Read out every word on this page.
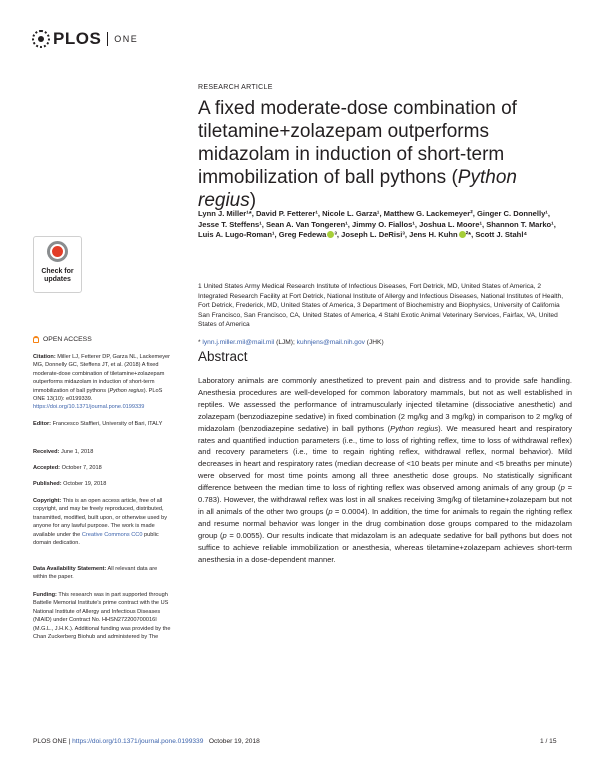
PLOS ONE
Check for
updates
OPEN ACCESS
Citation: Miller LJ, Fetterer DP, Garza NL, Lackemeyer MG, Donnelly GC, Steffens JT, et al. (2018) A fixed moderate-dose combination of tiletamine+zolazepam outperforms midazolam in induction of short-term immobilization of ball pythons (Python regius). PLoS ONE 13(10): e0199339. https://doi.org/10.1371/journal.pone.0199339
Editor: Francesco Staffieri, University of Bari, ITALY
Received: June 1, 2018
Accepted: October 7, 2018
Published: October 19, 2018
Copyright: This is an open access article, free of all copyright, and may be freely reproduced, distributed, transmitted, modified, built upon, or otherwise used by anyone for any lawful purpose. The work is made available under the Creative Commons CC0 public domain dedication.
Data Availability Statement: All relevant data are within the paper.
Funding: This research was in part supported through Battelle Memorial Institute's prime contract with the US National Institute of Allergy and Infectious Diseases (NIAID) under Contract No. HHSN272200700016I (M.G.L., J.H.K.). Additional funding was provided by the Chan Zuckerberg Biohub and administered by The
RESEARCH ARTICLE
A fixed moderate-dose combination of tiletamine+zolazepam outperforms midazolam in induction of short-term immobilization of ball pythons (Python regius)
Lynn J. Miller¹*, David P. Fetterer¹, Nicole L. Garza¹, Matthew G. Lackemeyer², Ginger C. Donnelly¹, Jesse T. Steffens¹, Sean A. Van Tongeren¹, Jimmy O. Fiallos¹, Joshua L. Moore¹, Shannon T. Marko¹, Luis A. Lugo-Roman¹, Greg Fedewa ³, Joseph L. DeRisi³, Jens H. Kuhn ²*, Scott J. Stahl⁴
1 United States Army Medical Research Institute of Infectious Diseases, Fort Detrick, MD, United States of America, 2 Integrated Research Facility at Fort Detrick, National Institute of Allergy and Infectious Diseases, National Institutes of Health, Fort Detrick, Frederick, MD, United States of America, 3 Department of Biochemistry and Biophysics, University of California San Francisco, San Francisco, CA, United States of America, 4 Stahl Exotic Animal Veterinary Services, Fairfax, VA, United States of America
* lynn.j.miller.mil@mail.mil (LJM); kuhnjens@mail.nih.gov (JHK)
Abstract
Laboratory animals are commonly anesthetized to prevent pain and distress and to provide safe handling. Anesthesia procedures are well-developed for common laboratory mammals, but not as well established in reptiles. We assessed the performance of intramuscularly injected tiletamine (dissociative anesthetic) and zolazepam (benzodiazepine sedative) in fixed combination (2 mg/kg and 3 mg/kg) in comparison to 2 mg/kg of midazolam (benzodiazepine sedative) in ball pythons (Python regius). We measured heart and respiratory rates and quantified induction parameters (i.e., time to loss of righting reflex, time to loss of withdrawal reflex) and recovery parameters (i.e., time to regain righting reflex, withdrawal reflex, normal behavior). Mild decreases in heart and respiratory rates (median decrease of <10 beats per minute and <5 breaths per minute) were observed for most time points among all three anesthetic dose groups. No statistically significant difference between the median time to loss of righting reflex was observed among animals of any group (p = 0.783). However, the withdrawal reflex was lost in all snakes receiving 3mg/kg of tiletamine+zolazepam but not in all animals of the other two groups (p = 0.0004). In addition, the time for animals to regain the righting reflex and resume normal behavior was longer in the drug combination dose groups compared to the midazolam group (p = 0.0055). Our results indicate that midazolam is an adequate sedative for ball pythons but does not suffice to achieve reliable immobilization or anesthesia, whereas tiletamine+zolazepam achieves short-term anesthesia in a dose-dependent manner.
PLOS ONE | https://doi.org/10.1371/journal.pone.0199339 October 19, 2018	1 / 15
